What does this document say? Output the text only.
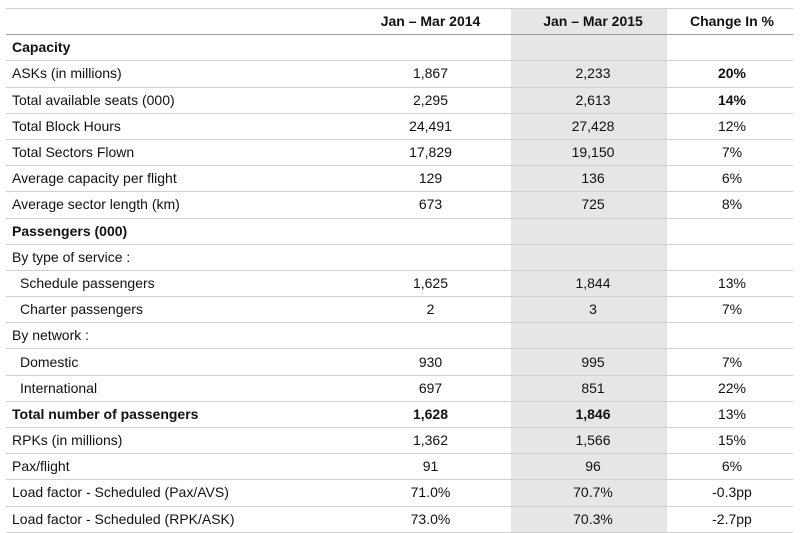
	Jan – Mar 2014	Jan – Mar 2015	Change In %
Capacity			
ASKs (in millions)	1,867	2,233	20%
Total available seats (000)	2,295	2,613	14%
Total Block Hours	24,491	27,428	12%
Total Sectors Flown	17,829	19,150	7%
Average capacity per flight	129	136	6%
Average sector length (km)	673	725	8%
Passengers (000)			
By type of service :			
Schedule passengers	1,625	1,844	13%
Charter passengers	2	3	7%
By network :			
Domestic	930	995	7%
International	697	851	22%
Total number of passengers	1,628	1,846	13%
RPKs (in millions)	1,362	1,566	15%
Pax/flight	91	96	6%
Load factor - Scheduled (Pax/AVS)	71.0%	70.7%	-0.3pp
Load factor - Scheduled (RPK/ASK)	73.0%	70.3%	-2.7pp
